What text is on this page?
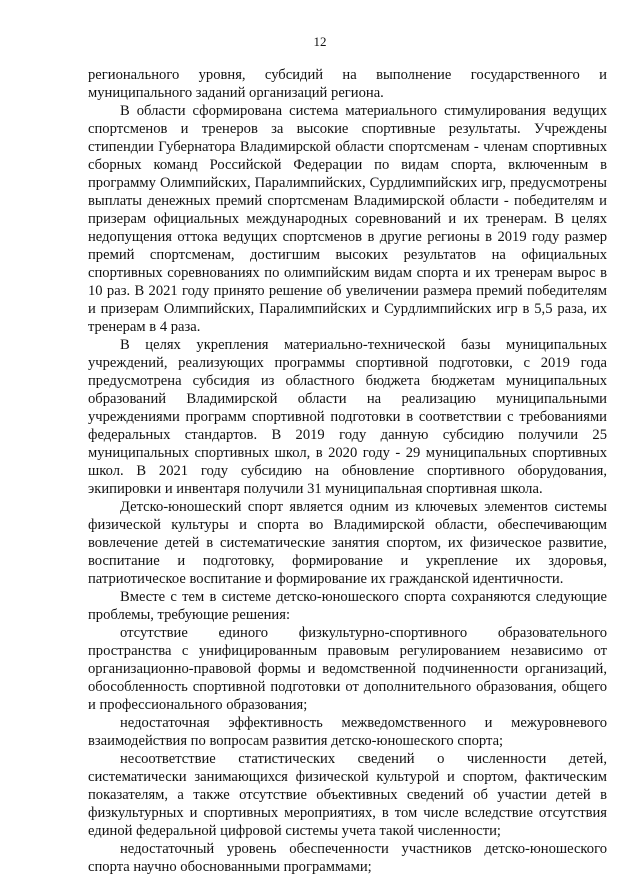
12

регионального уровня, субсидий на выполнение государственного и муниципального заданий организаций региона.

В области сформирована система материального стимулирования ведущих спортсменов и тренеров за высокие спортивные результаты. Учреждены стипендии Губернатора Владимирской области спортсменам - членам спортивных сборных команд Российской Федерации по видам спорта, включенным в программу Олимпийских, Паралимпийских, Сурдлимпийских игр, предусмотрены выплаты денежных премий спортсменам Владимирской области - победителям и призерам официальных международных соревнований и их тренерам. В целях недопущения оттока ведущих спортсменов в другие регионы в 2019 году размер премий спортсменам, достигшим высоких результатов на официальных спортивных соревнованиях по олимпийским видам спорта и их тренерам вырос в 10 раз. В 2021 году принято решение об увеличении размера премий победителям и призерам Олимпийских, Паралимпийских и Сурдлимпийских игр в 5,5 раза, их тренерам в 4 раза.

В целях укрепления материально-технической базы муниципальных учреждений, реализующих программы спортивной подготовки, с 2019 года предусмотрена субсидия из областного бюджета бюджетам муниципальных образований Владимирской области на реализацию муниципальными учреждениями программ спортивной подготовки в соответствии с требованиями федеральных стандартов. В 2019 году данную субсидию получили 25 муниципальных спортивных школ, в 2020 году - 29 муниципальных спортивных школ. В 2021 году субсидию на обновление спортивного оборудования, экипировки и инвентаря получили 31 муниципальная спортивная школа.

Детско-юношеский спорт является одним из ключевых элементов системы физической культуры и спорта во Владимирской области, обеспечивающим вовлечение детей в систематические занятия спортом, их физическое развитие, воспитание и подготовку, формирование и укрепление их здоровья, патриотическое воспитание и формирование их гражданской идентичности.

Вместе с тем в системе детско-юношеского спорта сохраняются следующие проблемы, требующие решения:

отсутствие единого физкультурно-спортивного образовательного пространства с унифицированным правовым регулированием независимо от организационно-правовой формы и ведомственной подчиненности организаций, обособленность спортивной подготовки от дополнительного образования, общего и профессионального образования;

недостаточная эффективность межведомственного и межуровневого взаимодействия по вопросам развития детско-юношеского спорта;

несоответствие статистических сведений о численности детей, систематически занимающихся физической культурой и спортом, фактическим показателям, а также отсутствие объективных сведений об участии детей в физкультурных и спортивных мероприятиях, в том числе вследствие отсутствия единой федеральной цифровой системы учета такой численности;

недостаточный уровень обеспеченности участников детско-юношеского спорта научно обоснованными программами;
